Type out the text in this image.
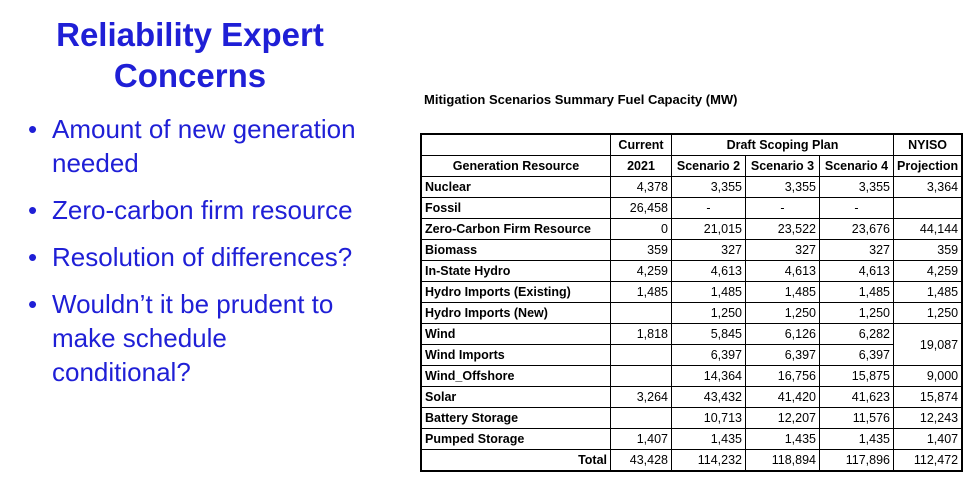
Reliability Expert
Concerns
• Amount of new generation needed
• Zero-carbon firm resource
• Resolution of differences?
• Wouldn’t it be prudent to make schedule conditional?
Mitigation Scenarios Summary Fuel Capacity (MW)
	Current	Draft Scoping Plan			NYISO
Generation Resource	2021	Scenario 2	Scenario 3	Scenario 4	Projection
Nuclear	4,378	3,355	3,355	3,355	3,364
Fossil	26,458	-	-	-	
Zero-Carbon Firm Resource	0	21,015	23,522	23,676	44,144
Biomass	359	327	327	327	359
In-State Hydro	4,259	4,613	4,613	4,613	4,259
Hydro Imports (Existing)	1,485	1,485	1,485	1,485	1,485
Hydro Imports (New)		1,250	1,250	1,250	1,250
Wind	1,818	5,845	6,126	6,282	19,087
Wind Imports		6,397	6,397	6,397	
Wind_Offshore		14,364	16,756	15,875	9,000
Solar	3,264	43,432	41,420	41,623	15,874
Battery Storage		10,713	12,207	11,576	12,243
Pumped Storage	1,407	1,435	1,435	1,435	1,407
Total	43,428	114,232	118,894	117,896	112,472
